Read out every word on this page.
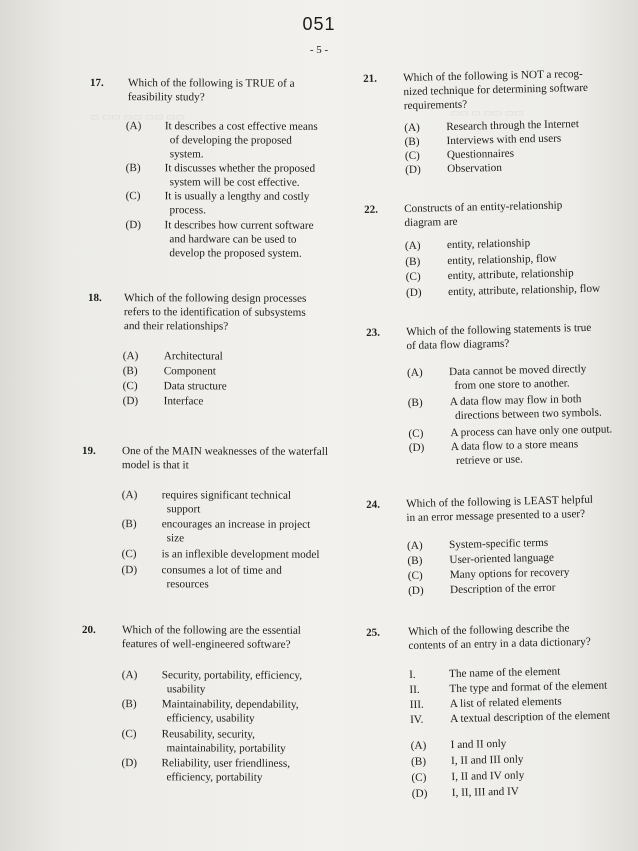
051
- 5 -
▭ ▭▭ ▭▭ ▭▭ ▭▭	▭▭ ▭ ▭▭ ▭▭
17. Which of the following is TRUE of a
feasibility study?
(A) It describes a cost effective means
of developing the proposed
system.
(B) It discusses whether the proposed
system will be cost effective.
(C) It is usually a lengthy and costly
process.
(D) It describes how current software
and hardware can be used to
develop the proposed system.
18. Which of the following design processes
refers to the identification of subsystems
and their relationships?
(A) Architectural
(B) Component
(C) Data structure
(D) Interface
19. One of the MAIN weaknesses of the waterfall
model is that it
(A) requires significant technical
support
(B) encourages an increase in project
size
(C) is an inflexible development model
(D) consumes a lot of time and
resources
20. Which of the following are the essential
features of well-engineered software?
(A) Security, portability, efficiency,
usability
(B) Maintainability, dependability,
efficiency, usability
(C) Reusability, security,
maintainability, portability
(D) Reliability, user friendliness,
efficiency, portability
21. Which of the following is NOT a recog-
nized technique for determining software
requirements?
(A) Research through the Internet
(B) Interviews with end users
(C) Questionnaires
(D) Observation
22. Constructs of an entity-relationship
diagram are
(A) entity, relationship
(B) entity, relationship, flow
(C) entity, attribute, relationship
(D) entity, attribute, relationship, flow
23. Which of the following statements is true
of data flow diagrams?
(A) Data cannot be moved directly
from one store to another.
(B) A data flow may flow in both
directions between two symbols.
(C) A process can have only one output.
(D) A data flow to a store means
retrieve or use.
24. Which of the following is LEAST helpful
in an error message presented to a user?
(A) System-specific terms
(B) User-oriented language
(C) Many options for recovery
(D) Description of the error
25. Which of the following describe the
contents of an entry in a data dictionary?
I.	The name of the element
II.	The type and format of the element
III. A list of related elements
IV. A textual description of the element
(A) I and II only
(B) I, II and III only
(C) I, II and IV only
(D) I, II, III and IV
